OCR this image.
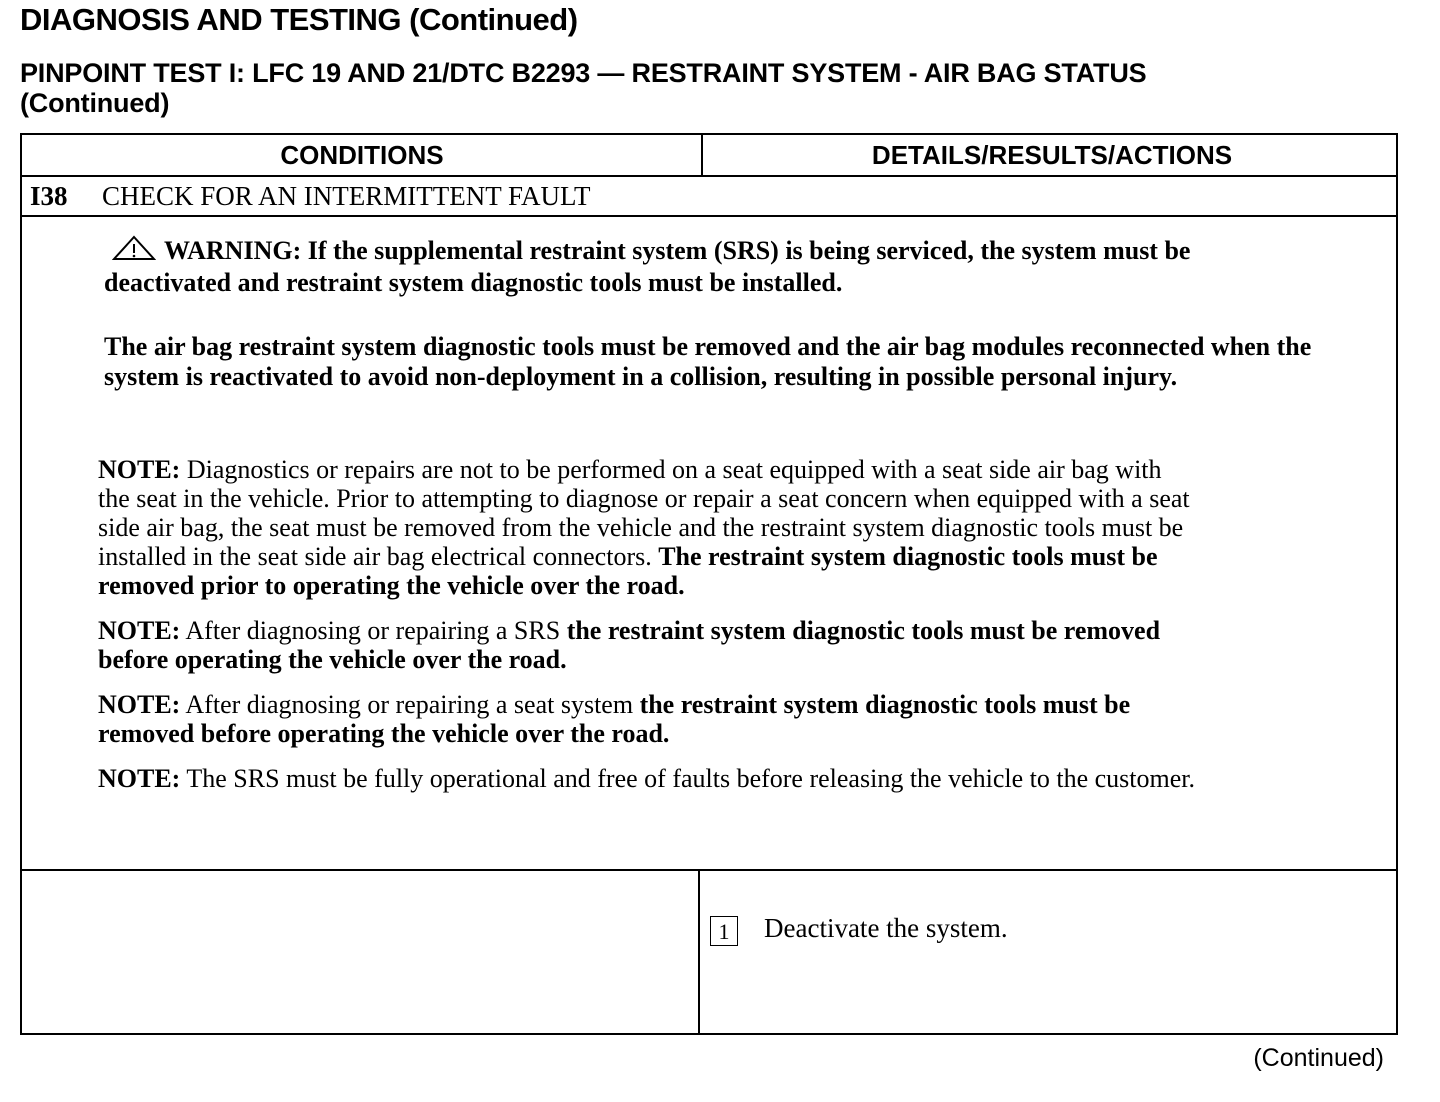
DIAGNOSIS AND TESTING (Continued)
PINPOINT TEST I: LFC 19 AND 21/DTC B2293 — RESTRAINT SYSTEM - AIR BAG STATUS
(Continued)
CONDITIONS	DETAILS/RESULTS/ACTIONS
I38 CHECK FOR AN INTERMITTENT FAULT

WARNING: If the supplemental restraint system (SRS) is being serviced, the system must be deactivated and restraint system diagnostic tools must be installed.

The air bag restraint system diagnostic tools must be removed and the air bag modules reconnected when the system is reactivated to avoid non-deployment in a collision, resulting in possible personal injury.

NOTE: Diagnostics or repairs are not to be performed on a seat equipped with a seat side air bag with the seat in the vehicle. Prior to attempting to diagnose or repair a seat concern when equipped with a seat side air bag, the seat must be removed from the vehicle and the restraint system diagnostic tools must be installed in the seat side air bag electrical connectors. The restraint system diagnostic tools must be removed prior to operating the vehicle over the road.

NOTE: After diagnosing or repairing a SRS the restraint system diagnostic tools must be removed before operating the vehicle over the road.

NOTE: After diagnosing or repairing a seat system the restraint system diagnostic tools must be removed before operating the vehicle over the road.

NOTE: The SRS must be fully operational and free of faults before releasing the vehicle to the customer.

1 Deactivate the system.
(Continued)
